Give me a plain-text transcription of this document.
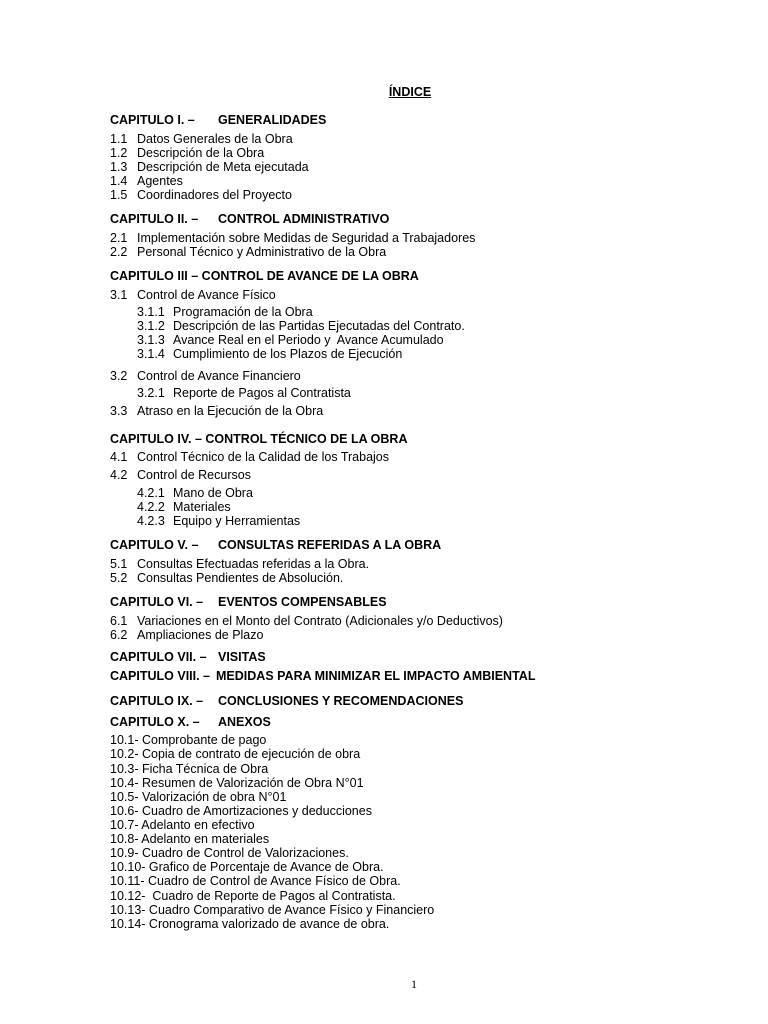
ÍNDICE
CAPITULO I. – GENERALIDADES
1.1 Datos Generales de la Obra
1.2 Descripción de la Obra
1.3 Descripción de Meta ejecutada
1.4 Agentes
1.5 Coordinadores del Proyecto
CAPITULO II. – CONTROL ADMINISTRATIVO
2.1 Implementación sobre Medidas de Seguridad a Trabajadores
2.2 Personal Técnico y Administrativo de la Obra
CAPITULO III – CONTROL DE AVANCE DE LA OBRA
3.1 Control de Avance Físico
3.1.1 Programación de la Obra
3.1.2 Descripción de las Partidas Ejecutadas del Contrato.
3.1.3 Avance Real en el Periodo y  Avance Acumulado
3.1.4 Cumplimiento de los Plazos de Ejecución
3.2 Control de Avance Financiero
3.2.1 Reporte de Pagos al Contratista
3.3 Atraso en la Ejecución de la Obra
CAPITULO IV. – CONTROL TÉCNICO DE LA OBRA
4.1 Control Técnico de la Calidad de los Trabajos
4.2 Control de Recursos
4.2.1 Mano de Obra
4.2.2 Materiales
4.2.3 Equipo y Herramientas
CAPITULO V. – CONSULTAS REFERIDAS A LA OBRA
5.1 Consultas Efectuadas referidas a la Obra.
5.2 Consultas Pendientes de Absolución.
CAPITULO VI. – EVENTOS COMPENSABLES
6.1 Variaciones en el Monto del Contrato (Adicionales y/o Deductivos)
6.2 Ampliaciones de Plazo
CAPITULO VII. – VISITAS
CAPITULO VIII. – MEDIDAS PARA MINIMIZAR EL IMPACTO AMBIENTAL
CAPITULO IX. – CONCLUSIONES Y RECOMENDACIONES
CAPITULO X. – ANEXOS
10.1- Comprobante de pago
10.2- Copia de contrato de ejecución de obra
10.3- Ficha Técnica de Obra
10.4- Resumen de Valorización de Obra N°01
10.5- Valorización de obra N°01
10.6- Cuadro de Amortizaciones y deducciones
10.7- Adelanto en efectivo
10.8- Adelanto en materiales
10.9- Cuadro de Control de Valorizaciones.
10.10- Grafico de Porcentaje de Avance de Obra.
10.11- Cuadro de Control de Avance Físico de Obra.
10.12-  Cuadro de Reporte de Pagos al Contratista.
10.13- Cuadro Comparativo de Avance Físico y Financiero
10.14- Cronograma valorizado de avance de obra.
1
